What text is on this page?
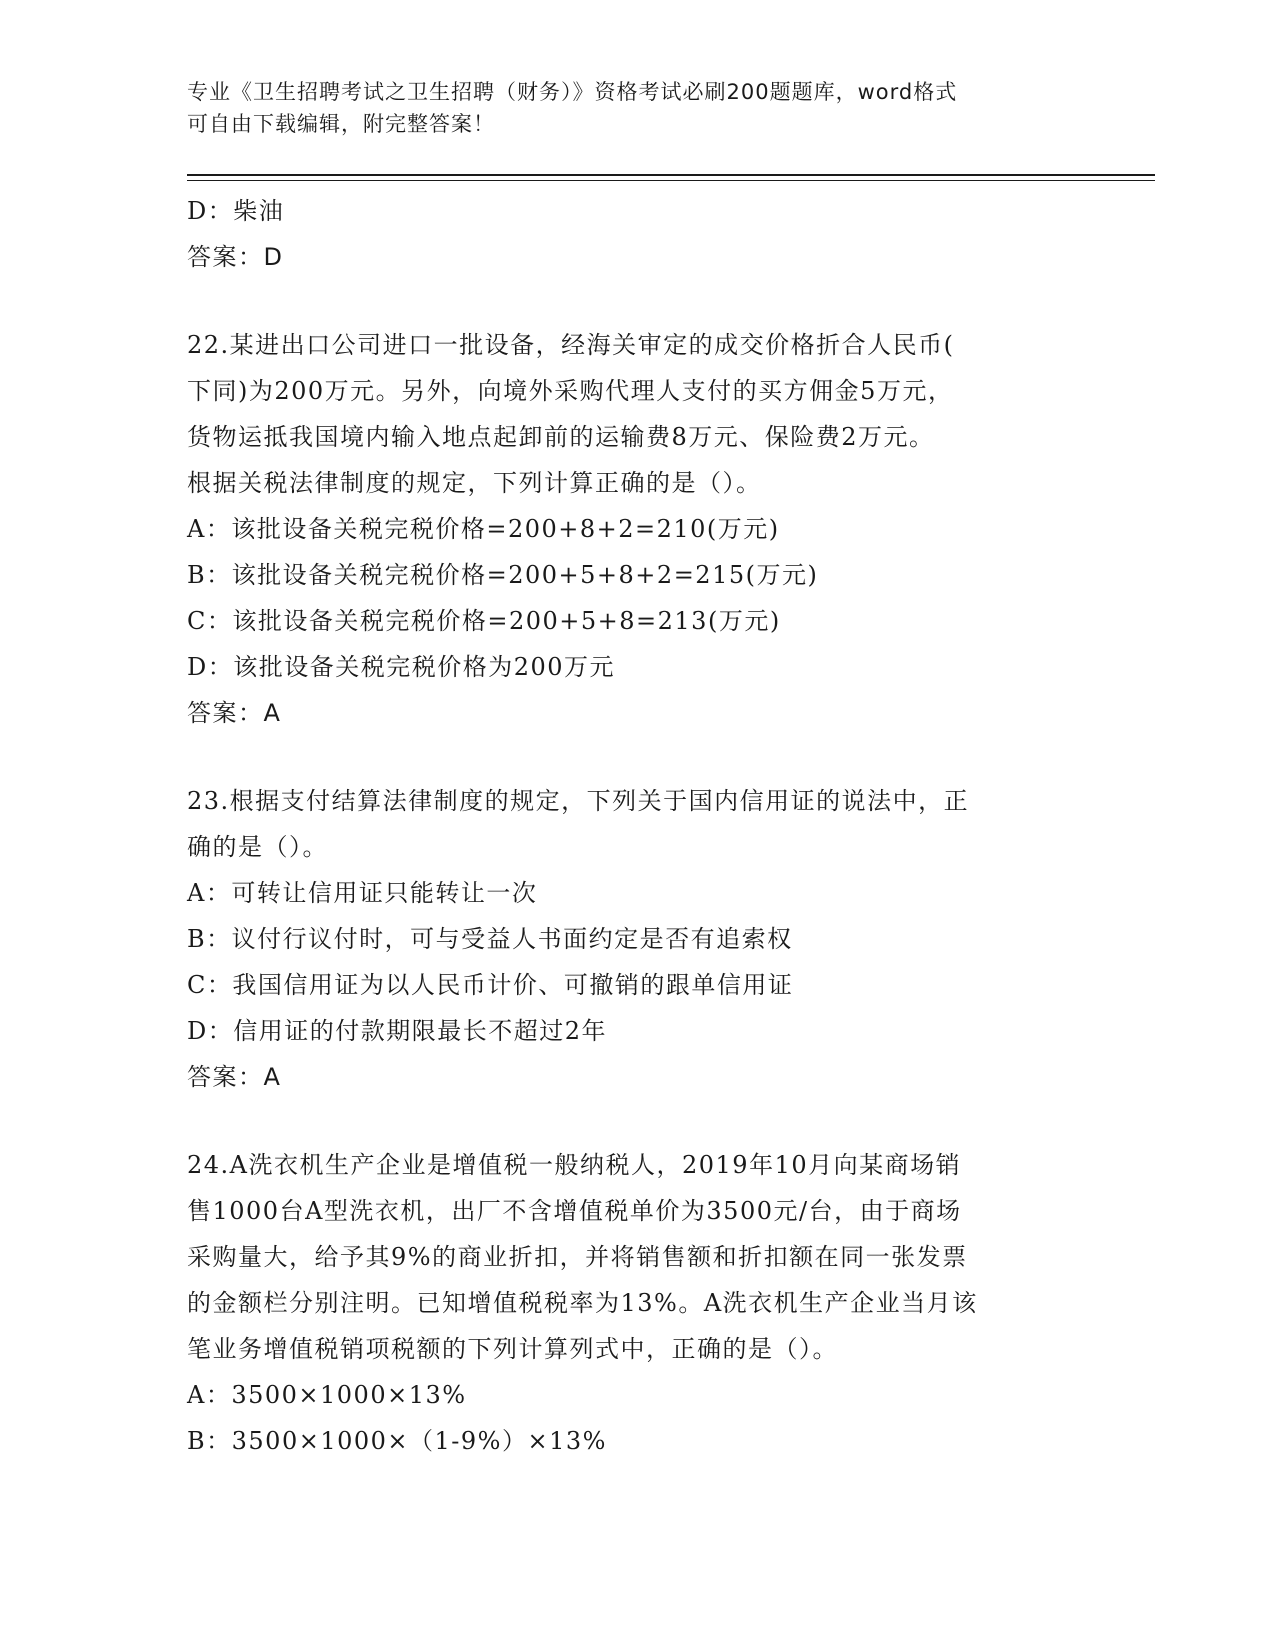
专业《卫生招聘考试之卫生招聘（财务）》资格考试必刷200题题库，word格式
可自由下载编辑，附完整答案！
D：柴油
答案：D
22.某进出口公司进口一批设备，经海关审定的成交价格折合人民币(
下同)为200万元。另外，向境外采购代理人支付的买方佣金5万元，
货物运抵我国境内输入地点起卸前的运输费8万元、保险费2万元。
根据关税法律制度的规定，下列计算正确的是（）。
A：该批设备关税完税价格=200+8+2=210(万元)
B：该批设备关税完税价格=200+5+8+2=215(万元)
C：该批设备关税完税价格=200+5+8=213(万元)
D：该批设备关税完税价格为200万元
答案：A
23.根据支付结算法律制度的规定，下列关于国内信用证的说法中，正
确的是（）。
A：可转让信用证只能转让一次
B：议付行议付时，可与受益人书面约定是否有追索权
C：我国信用证为以人民币计价、可撤销的跟单信用证
D：信用证的付款期限最长不超过2年
答案：A
24.A洗衣机生产企业是增值税一般纳税人，2019年10月向某商场销
售1000台A型洗衣机，出厂不含增值税单价为3500元/台，由于商场
采购量大，给予其9%的商业折扣，并将销售额和折扣额在同一张发票
的金额栏分别注明。已知增值税税率为13%。A洗衣机生产企业当月该
笔业务增值税销项税额的下列计算列式中，正确的是（）。
A：3500×1000×13%
B：3500×1000×（1-9%）×13%
